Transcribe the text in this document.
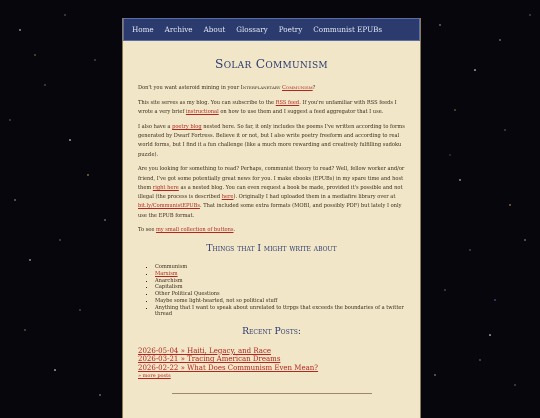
Home Archive About Glossary Poetry Communist EPUBs
Solar Communism

Don't you want asteroid mining in your Interplanetary Communism?

This site serves as my blog. You can subscribe to the RSS feed. If you're unfamiliar with RSS feeds I wrote a very brief instructional on how to use them and I suggest a feed aggregator that I use.

I also have a poetry blog nested here. So far, it only includes the poems I've written according to forms generated by Dwarf Fortress. Believe it or not, but I also write poetry freeform and according to real world forms, but I find it a fun challenge (like a much more rewarding and creatively fulfilling sudoku puzzle).

Are you looking for something to read? Perhaps, communist theory to read? Well, fellow worker and/or friend, I've got some potentially great news for you. I make ebooks (EPUBs) in my spare time and host them right here as a nested blog. You can even request a book be made, provided it's possible and not illegal (the process is described here). Originally I had uploaded them in a mediafire library over at bit.ly/CommunistEPUBs. That included some extra formats (MOBI, and possibly PDF) but lately I only use the EPUB format.

To see my small collection of buttons.

Things that I might write about
▪ Communism
▪ Marxism
▪ Anarchism
▪ Capitalism
▪ Other Political Questions
▪ Maybe some light-hearted, not so political stuff
▪ Anything that I want to speak about unrelated to ttrpgs that exceeds the boundaries of a twitter thread
Recent Posts:
2026-05-04 » Haiti, Legacy, and Race
2026-03-21 » Tracing American Dreams
2026-02-22 » What Does Communism Even Mean?
» more posts
